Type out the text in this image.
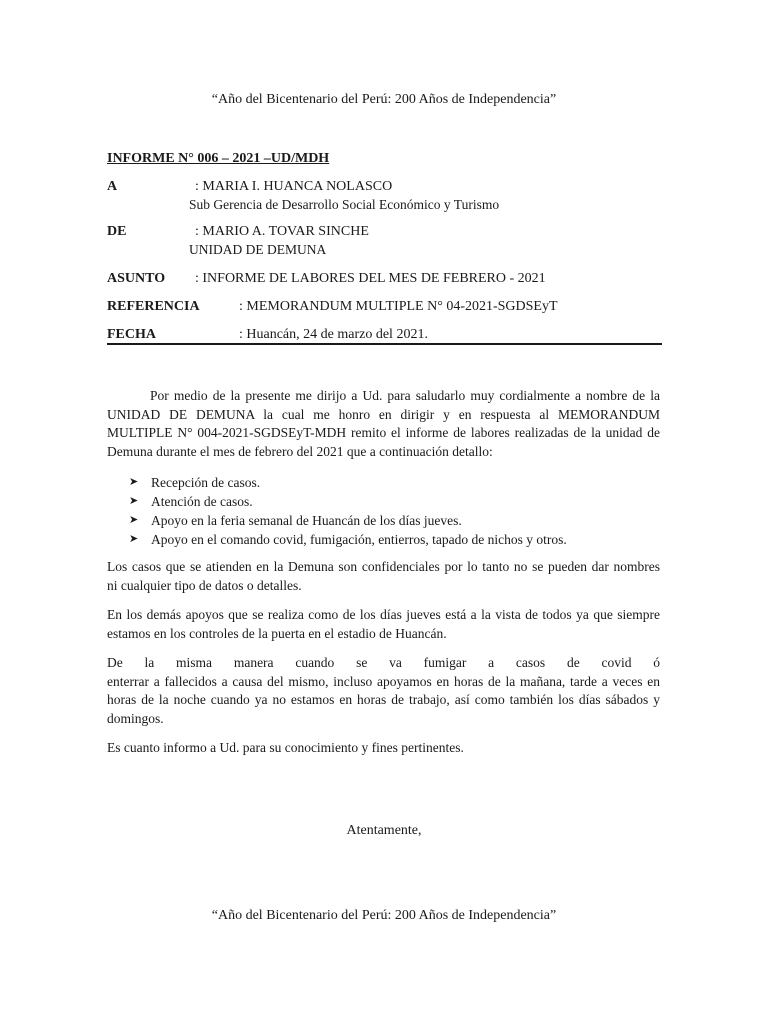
“Año del Bicentenario del Perú: 200 Años de Independencia”
INFORME N° 006 – 2021 –UD/MDH
A	: MARIA I. HUANCA NOLASCO
Sub Gerencia de Desarrollo Social Económico y Turismo
DE	: MARIO A. TOVAR SINCHE
UNIDAD DE DEMUNA
ASUNTO : INFORME DE LABORES DEL MES DE FEBRERO - 2021
REFERENCIA	: MEMORANDUM MULTIPLE N° 04-2021-SGDSEyT
FECHA	: Huancán, 24 de marzo del 2021.
Por medio de la presente me dirijo a Ud. para saludarlo muy cordialmente a nombre de la
UNIDAD DE DEMUNA la cual me honro en dirigir y en respuesta al MEMORANDUM
MULTIPLE N° 004-2021-SGDSEyT-MDH remito el informe de labores realizadas de la unidad de
Demuna durante el mes de febrero del 2021 que a continuación detallo:
➤ Recepción de casos.
➤ Atención de casos.
➤ Apoyo en la feria semanal de Huancán de los días jueves.
➤ Apoyo en el comando covid, fumigación, entierros, tapado de nichos y otros.
Los casos que se atienden en la Demuna son confidenciales por lo tanto no se pueden dar nombres
ni cualquier tipo de datos o detalles.
En los demás apoyos que se realiza como de los días jueves está a la vista de todos ya que siempre
estamos en los controles de la puerta en el estadio de Huancán.
De la misma manera cuando se va fumigar a casos de covid ó
enterrar a fallecidos a causa del mismo, incluso apoyamos en horas de la mañana, tarde a veces en
horas de la noche cuando ya no estamos en horas de trabajo, así como también los días sábados y
domingos.
Es cuanto informo a Ud. para su conocimiento y fines pertinentes.
Atentamente,
“Año del Bicentenario del Perú: 200 Años de Independencia”
